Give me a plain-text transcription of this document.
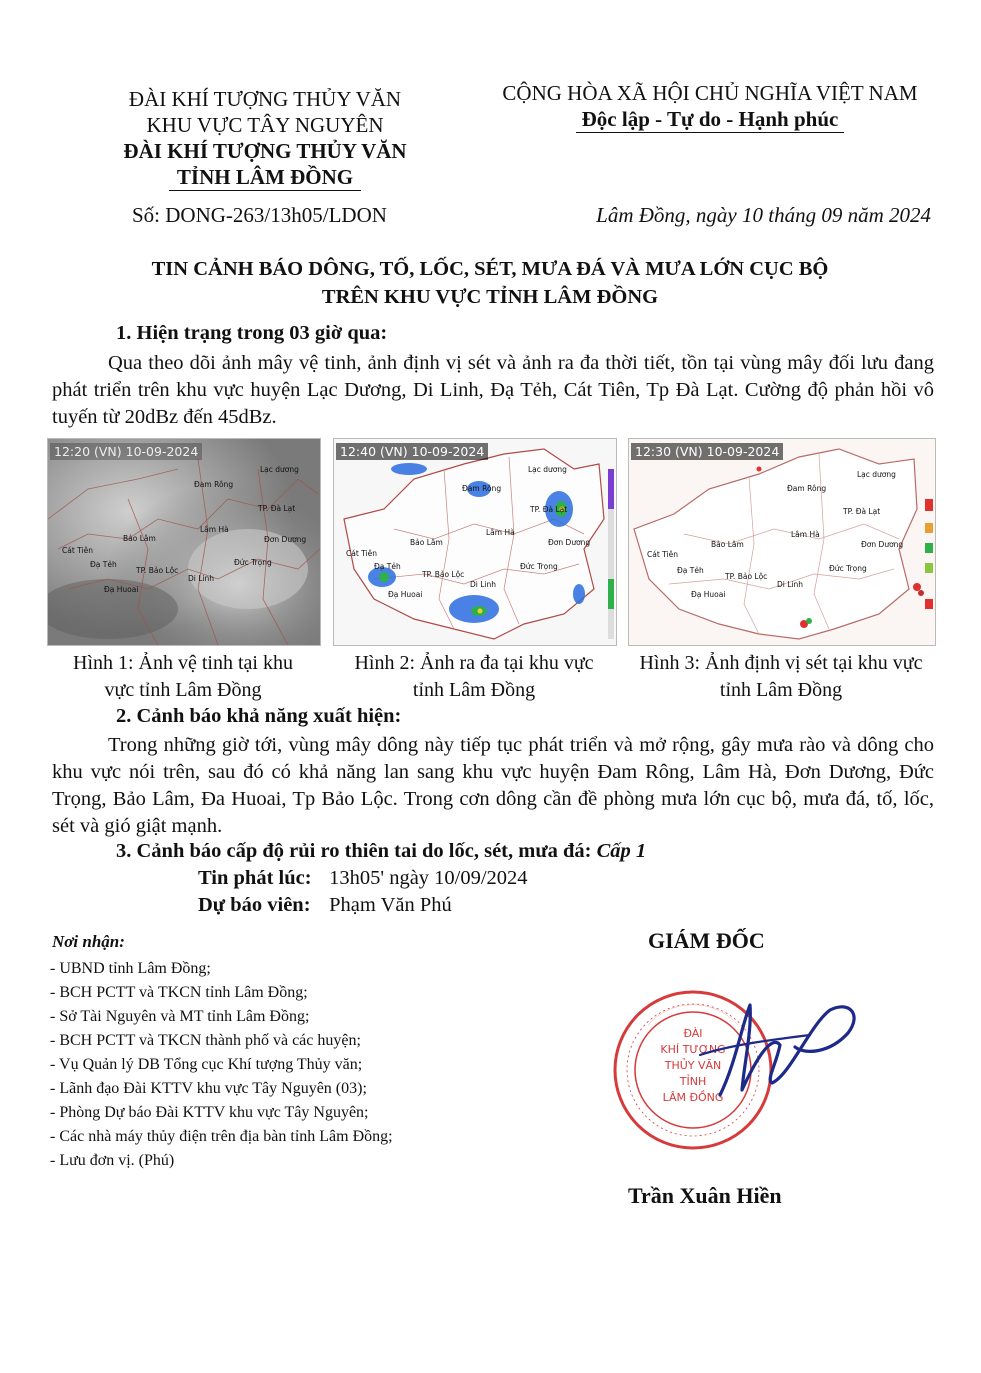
ĐÀI KHÍ TƯỢNG THỦY VĂN
KHU VỰC TÂY NGUYÊN
ĐÀI KHÍ TƯỢNG THỦY VĂN
TỈNH LÂM ĐỒNG
CỘNG HÒA XÃ HỘI CHỦ NGHĨA VIỆT NAM
Độc lập - Tự do - Hạnh phúc
Số: DONG-263/13h05/LDON	Lâm Đồng, ngày 10 tháng 09 năm 2024
TIN CẢNH BÁO DÔNG, TỐ, LỐC, SÉT, MƯA ĐÁ VÀ MƯA LỚN CỤC BỘ
TRÊN KHU VỰC TỈNH LÂM ĐỒNG
1. Hiện trạng trong 03 giờ qua:
Qua theo dõi ảnh mây vệ tinh, ảnh định vị sét và ảnh ra đa thời tiết, tồn tại vùng mây đối lưu đang phát triển trên khu vực huyện Lạc Dương, Di Linh, Đạ Tẻh, Cát Tiên, Tp Đà Lạt. Cường độ phản hồi vô tuyến từ 20dBz đến 45dBz.
Lạc dương
Đam Rông
TP. Đà Lạt
Lâm Hà
Bảo Lâm	Đơn Dương
Cát Tiên
Đạ Tẻh
TP. Bảo Lộc
Đức Trọng
Di Linh
Đạ Huoai
12:20 (VN) 10-09-2024
Lạc dương
Đam Rông
TP. Đà Lạt
Lâm Hà
Bảo Lâm	Đơn Dương
Cát Tiên
Đạ Tẻh
TP. Bảo Lộc
Đức Trọng
Di Linh
Đạ Huoai
12:40 (VN) 10-09-2024
Lạc dương
Đam Rông
TP. Đà Lạt
Lâm Hà
Bảo Lâm	Đơn Dương
Cát Tiên
Đạ Tẻh
TP. Bảo Lộc
Đức Trọng
Di Linh
Đạ Huoai
12:30 (VN) 10-09-2024
Hình 1: Ảnh vệ tinh tại khu
vực tỉnh Lâm Đồng
Hình 2: Ảnh ra đa tại khu vực
tỉnh Lâm Đồng
Hình 3: Ảnh định vị sét tại khu vực
tỉnh Lâm Đồng
2. Cảnh báo khả năng xuất hiện:
Trong những giờ tới, vùng mây dông này tiếp tục phát triển và mở rộng, gây mưa rào và dông cho khu vực nói trên, sau đó có khả năng lan sang khu vực huyện Đam Rông, Lâm Hà, Đơn Dương, Đức Trọng, Bảo Lâm, Đa Huoai, Tp Bảo Lộc. Trong cơn dông cần đề phòng mưa lớn cục bộ, mưa đá, tố, lốc, sét và gió giật mạnh.
3. Cảnh báo cấp độ rủi ro thiên tai do lốc, sét, mưa đá: Cấp 1
Tin phát lúc: 13h05' ngày 10/09/2024
Dự báo viên: Phạm Văn Phú
Nơi nhận:
- UBND tỉnh Lâm Đồng;
- BCH PCTT và TKCN tỉnh Lâm Đồng;
- Sở Tài Nguyên và MT tỉnh Lâm Đồng;
- BCH PCTT và TKCN thành phố và các huyện;
- Vụ Quản lý DB Tổng cục Khí tượng Thủy văn;
- Lãnh đạo Đài KTTV khu vực Tây Nguyên (03);
- Phòng Dự báo Đài KTTV khu vực Tây Nguyên;
- Các nhà máy thủy điện trên địa bàn tỉnh Lâm Đồng;
- Lưu đơn vị. (Phú)
GIÁM ĐỐC
ĐÀI
KHÍ TƯỢNG
THỦY VĂN
TỈNH
LÂM ĐỒNG
Trần Xuân Hiền
